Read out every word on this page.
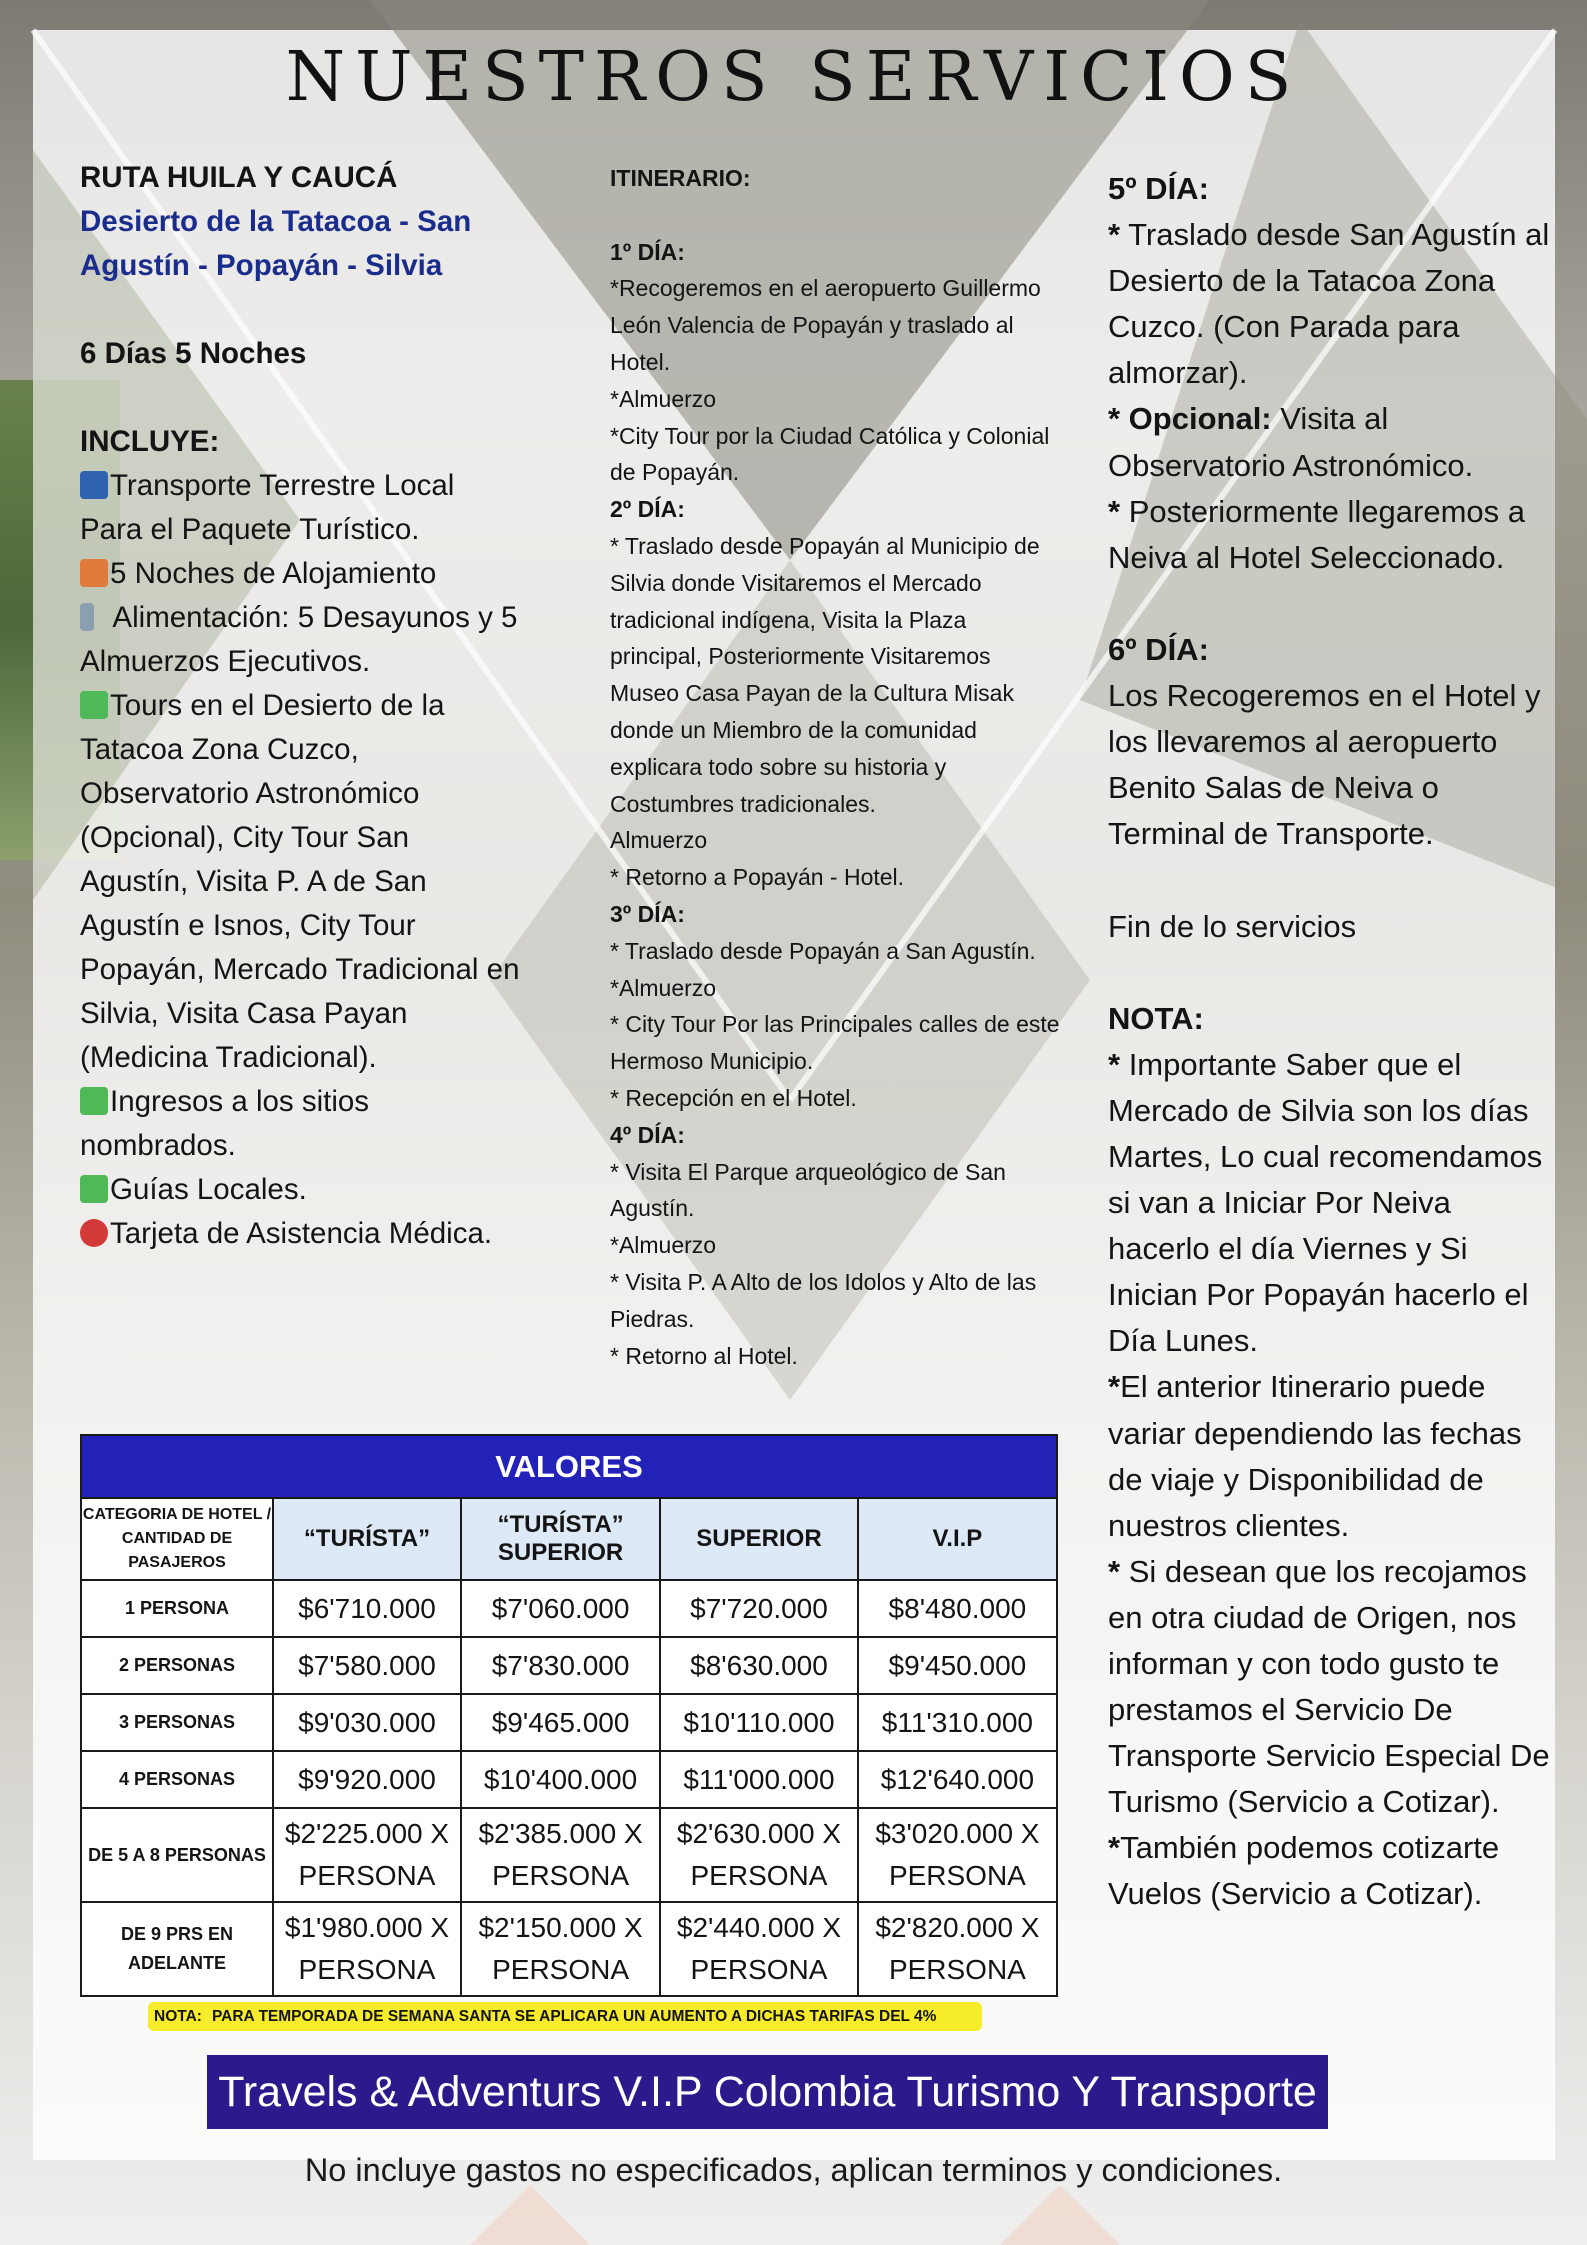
NUESTROS SERVICIOS
RUTA HUILA Y CAUCÁ
Desierto de la Tatacoa - San
Agustín - Popayán - Silvia
6 Días 5 Noches
INCLUYE:
Transporte Terrestre Local Para el Paquete Turístico.
5 Noches de Alojamiento
Alimentación: 5 Desayunos y 5 Almuerzos Ejecutivos.
Tours en el Desierto de la Tatacoa Zona Cuzco, Observatorio Astronómico (Opcional), City Tour San Agustín, Visita P. A de San Agustín e Isnos, City Tour Popayán, Mercado Tradicional en Silvia, Visita Casa Payan (Medicina Tradicional).
Ingresos a los sitios nombrados.
Guías Locales.
Tarjeta de Asistencia Médica.
ITINERARIO:
1º DÍA:
*Recogeremos en el aeropuerto Guillermo León Valencia de Popayán y traslado al Hotel.
*Almuerzo
*City Tour por la Ciudad Católica y Colonial de Popayán.
2º DÍA:
* Traslado desde Popayán al Municipio de Silvia donde Visitaremos el Mercado tradicional indígena, Visita la Plaza principal, Posteriormente Visitaremos Museo Casa Payan de la Cultura Misak donde un Miembro de la comunidad explicara todo sobre su historia y Costumbres tradicionales.
Almuerzo
* Retorno a Popayán - Hotel.
3º DÍA:
* Traslado desde Popayán a San Agustín.
*Almuerzo
* City Tour Por las Principales calles de este Hermoso Municipio.
* Recepción en el Hotel.
4º DÍA:
* Visita El Parque arqueológico de San Agustín.
*Almuerzo
* Visita P. A Alto de los Idolos y Alto de las Piedras.
* Retorno al Hotel.
5º DÍA:
* Traslado desde San Agustín al Desierto de la Tatacoa Zona Cuzco. (Con Parada para almorzar).
* Opcional: Visita al Observatorio Astronómico.
* Posteriormente llegaremos a Neiva al Hotel Seleccionado.
6º DÍA:
Los Recogeremos en el Hotel y los llevaremos al aeropuerto Benito Salas de Neiva o Terminal de Transporte.
Fin de lo servicios
NOTA:
* Importante Saber que el Mercado de Silvia son los días Martes, Lo cual recomendamos si van a Iniciar Por Neiva hacerlo el día Viernes y Si Inician Por Popayán hacerlo el Día Lunes.
*El anterior Itinerario puede variar dependiendo las fechas de viaje y Disponibilidad de nuestros clientes.
* Si desean que los recojamos en otra ciudad de Origen, nos informan y con todo gusto te prestamos el Servicio De Transporte Servicio Especial De Turismo (Servicio a Cotizar).
*También podemos cotizarte Vuelos (Servicio a Cotizar).
VALORES				
CATEGORIA DE HOTEL / CANTIDAD DE PASAJEROS	“TURÍSTA”	“TURÍSTA” SUPERIOR	SUPERIOR	V.I.P
1 PERSONA	$6'710.000	$7'060.000	$7'720.000	$8'480.000
2 PERSONAS	$7'580.000	$7'830.000	$8'630.000	$9'450.000
3 PERSONAS	$9'030.000	$9'465.000	$10'110.000	$11'310.000
4 PERSONAS	$9'920.000	$10'400.000	$11'000.000	$12'640.000
DE 5 A 8 PERSONAS	$2'225.000 X PERSONA	$2'385.000 X PERSONA	$2'630.000 X PERSONA	$3'020.000 X PERSONA
DE 9 PRS EN ADELANTE	$1'980.000 X PERSONA	$2'150.000 X PERSONA	$2'440.000 X PERSONA	$2'820.000 X PERSONA
NOTA: PARA TEMPORADA DE SEMANA SANTA SE APLICARA UN AUMENTO A DICHAS TARIFAS DEL 4%
Travels & Adventurs V.I.P Colombia Turismo Y Transporte
No incluye gastos no especificados, aplican terminos y condiciones.
